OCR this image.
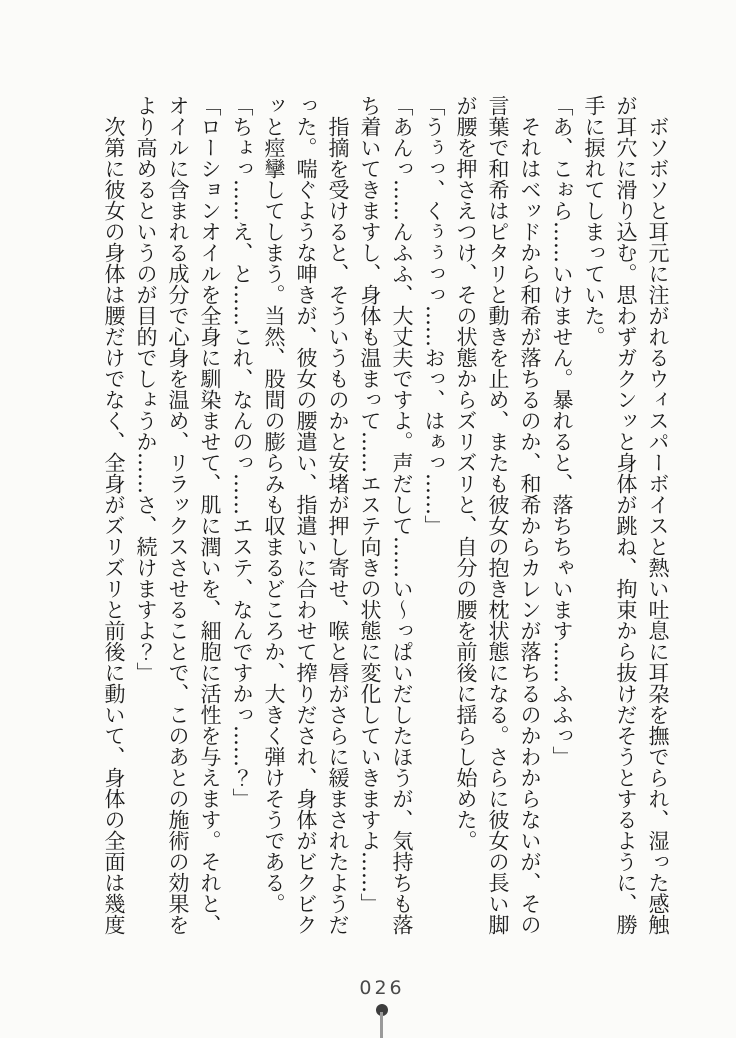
ボソボソと耳元に注がれるウィスパーボイスと熱い吐息に耳朶を撫でられ、湿った感触が耳穴に滑り込む。思わずガクンッと身体が跳ね、拘束から抜けだそうとするように、勝手に捩れてしまっていた。

「あ、こぉら……いけません。暴れると、落ちちゃいます……ふふっ」

それはベッドから和希が落ちるのか、和希からカレンが落ちるのかわからないが、その言葉で和希はピタリと動きを止め、またも彼女の抱き枕状態になる。さらに彼女の長い脚が腰を押さえつけ、その状態からズリズリと、自分の腰を前後に揺らし始めた。

「うぅっ、くぅぅっっ……おっ、はぁっ……」

「あんっ……んふふ、大丈夫ですよ。声だして……い〜っぱいだしたほうが、気持ちも落ち着いてきますし、身体も温まって……エステ向きの状態に変化していきますよ……」

指摘を受けると、そういうものかと安堵が押し寄せ、喉と唇がさらに緩まされたようだった。喘ぐような呻きが、彼女の腰遣い、指遣いに合わせて搾りだされ、身体がビクビクッと痙攣してしまう。当然、股間の膨らみも収まるどころか、大きく弾けそうである。

「ちょっ……え、と……これ、なんのっ……エステ、なんですかっ……？」

「ローションオイルを全身に馴染ませて、肌に潤いを、細胞に活性を与えます。それと、オイルに含まれる成分で心身を温め、リラックスさせることで、このあとの施術の効果をより高めるというのが目的でしょうか……さ、続けますよ？」

次第に彼女の身体は腰だけでなく、全身がズリズリと前後に動いて、身体の全面は幾度

026
